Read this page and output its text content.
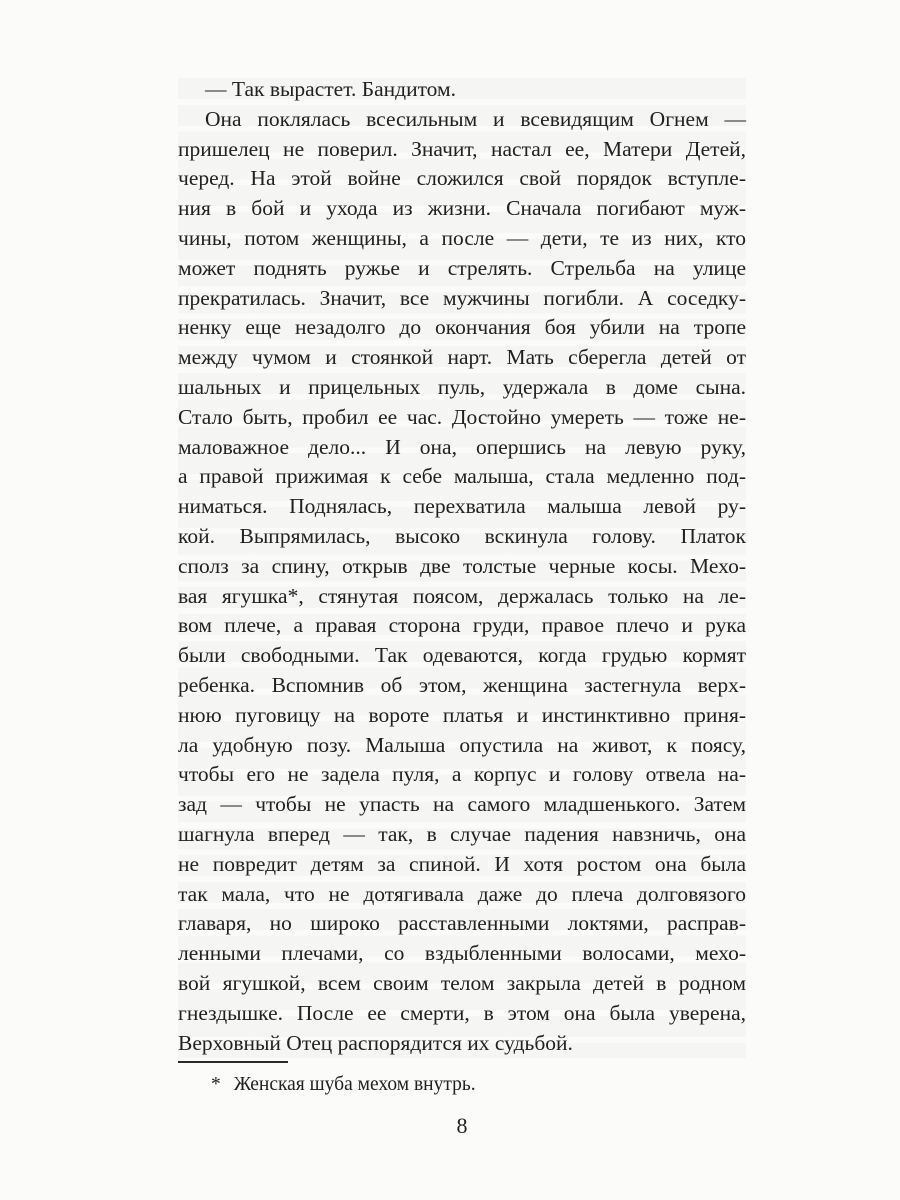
— Так вырастет. Бандитом.
Она поклялась всесильным и всевидящим Огнем —
пришелец не поверил. Значит, настал ее, Матери Детей,
черед. На этой войне сложился свой порядок вступле-
ния в бой и ухода из жизни. Сначала погибают муж-
чины, потом женщины, а после — дети, те из них, кто
может поднять ружье и стрелять. Стрельба на улице
прекратилась. Значит, все мужчины погибли. А соседку-
ненку еще незадолго до окончания боя убили на тропе
между чумом и стоянкой нарт. Мать сберегла детей от
шальных и прицельных пуль, удержала в доме сына.
Стало быть, пробил ее час. Достойно умереть — тоже не-
маловажное дело... И она, опершись на левую руку,
а правой прижимая к себе малыша, стала медленно под-
ниматься. Поднялась, перехватила малыша левой ру-
кой. Выпрямилась, высоко вскинула голову. Платок
сполз за спину, открыв две толстые черные косы. Мехо-
вая ягушка*, стянутая поясом, держалась только на ле-
вом плече, а правая сторона груди, правое плечо и рука
были свободными. Так одеваются, когда грудью кормят
ребенка. Вспомнив об этом, женщина застегнула верх-
нюю пуговицу на вороте платья и инстинктивно приня-
ла удобную позу. Малыша опустила на живот, к поясу,
чтобы его не задела пуля, а корпус и голову отвела на-
зад — чтобы не упасть на самого младшенького. Затем
шагнула вперед — так, в случае падения навзничь, она
не повредит детям за спиной. И хотя ростом она была
так мала, что не дотягивала даже до плеча долговязого
главаря, но широко расставленными локтями, расправ-
ленными плечами, со вздыбленными волосами, мехо-
вой ягушкой, всем своим телом закрыла детей в родном
гнездышке. После ее смерти, в этом она была уверена,
Верховный Отец распорядится их судьбой.
* Женская шуба мехом внутрь.
8
